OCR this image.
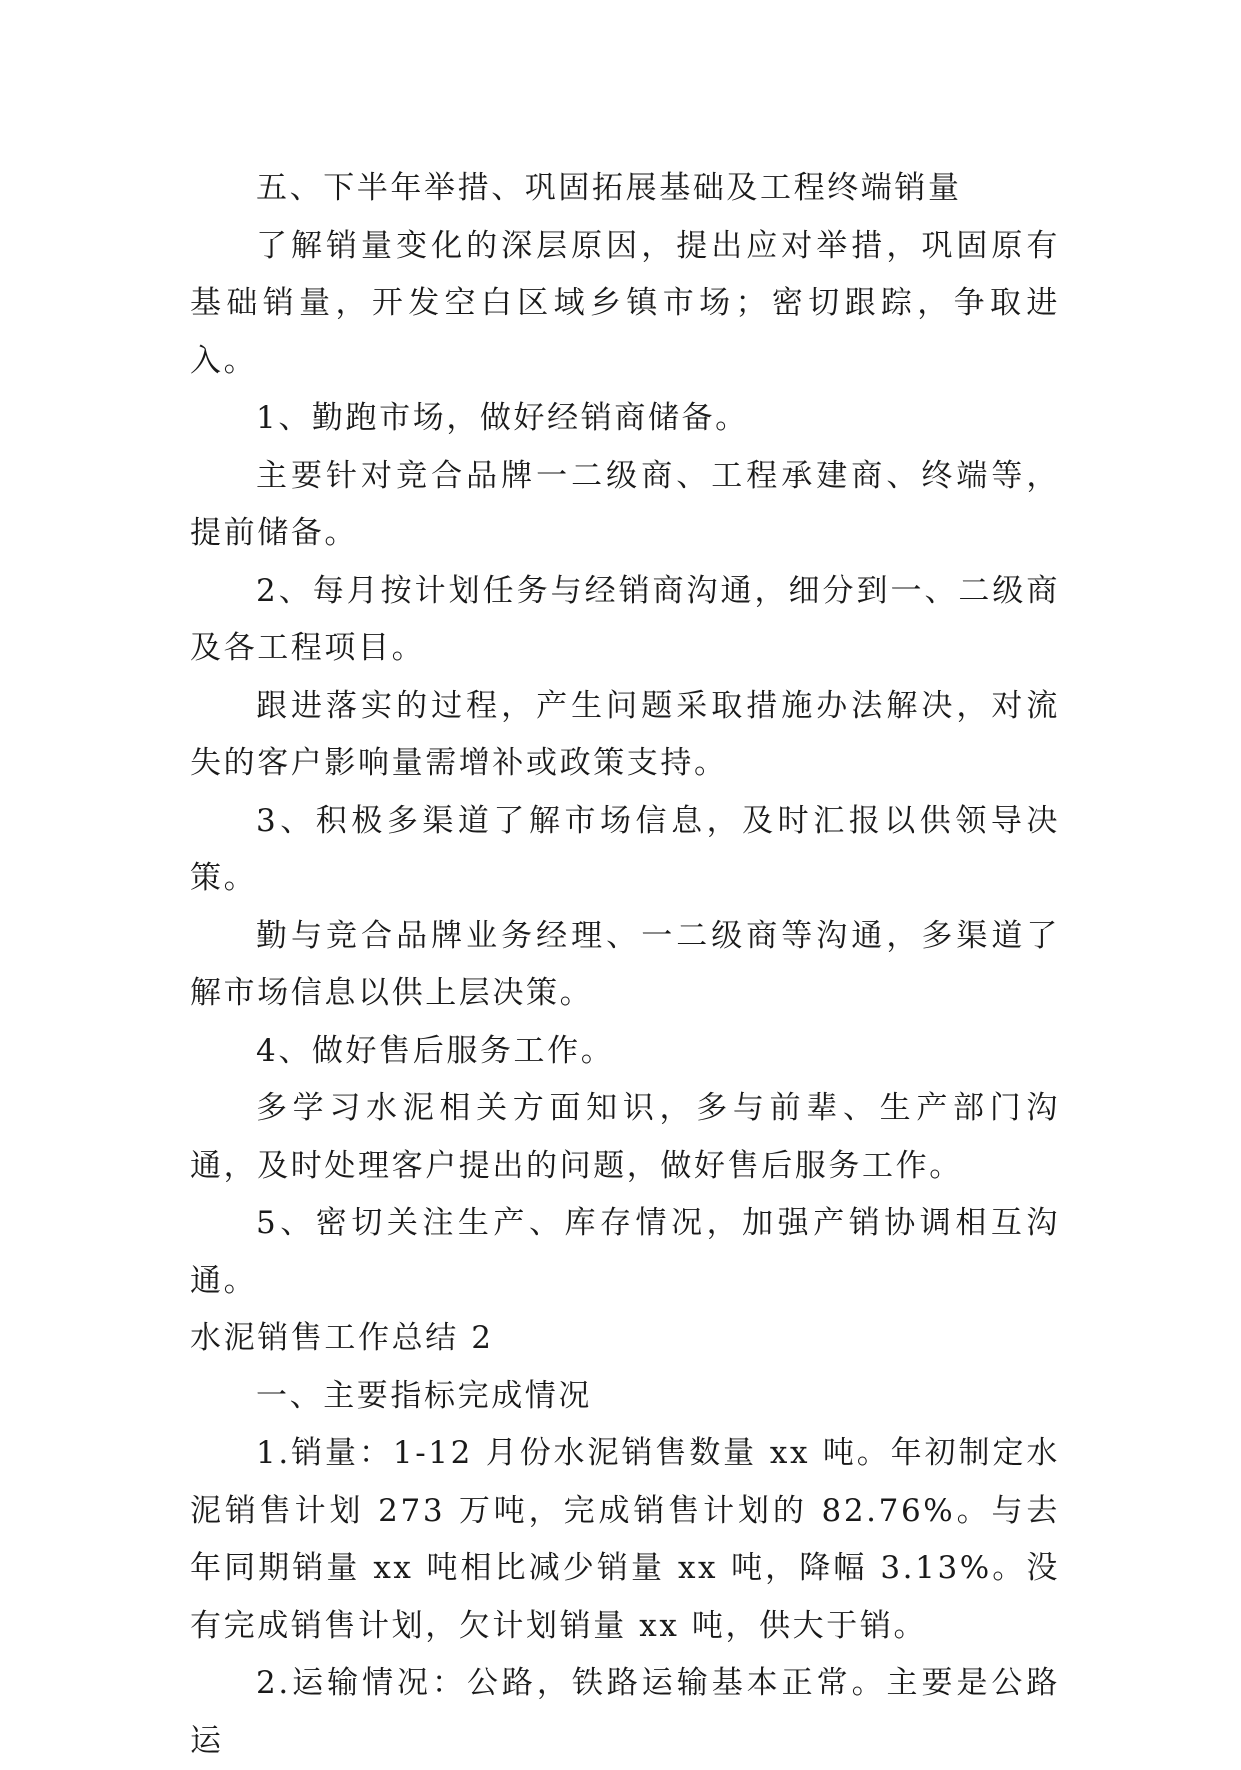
五、下半年举措、巩固拓展基础及工程终端销量

了解销量变化的深层原因，提出应对举措，巩固原有基础销量，开发空白区域乡镇市场；密切跟踪，争取进入。

1、勤跑市场，做好经销商储备。

主要针对竞合品牌一二级商、工程承建商、终端等，提前储备。

2、每月按计划任务与经销商沟通，细分到一、二级商及各工程项目。

跟进落实的过程，产生问题采取措施办法解决，对流失的客户影响量需增补或政策支持。

3、积极多渠道了解市场信息，及时汇报以供领导决策。

勤与竞合品牌业务经理、一二级商等沟通，多渠道了解市场信息以供上层决策。

4、做好售后服务工作。

多学习水泥相关方面知识，多与前辈、生产部门沟通，及时处理客户提出的问题，做好售后服务工作。

5、密切关注生产、库存情况，加强产销协调相互沟通。

水泥销售工作总结 2

一、主要指标完成情况

1.销量：1-12 月份水泥销售数量 xx 吨。年初制定水泥销售计划 273 万吨，完成销售计划的 82.76%。与去年同期销量 xx 吨相比减少销量 xx 吨，降幅 3.13%。没有完成销售计划，欠计划销量 xx 吨，供大于销。

2.运输情况：公路，铁路运输基本正常。主要是公路运
